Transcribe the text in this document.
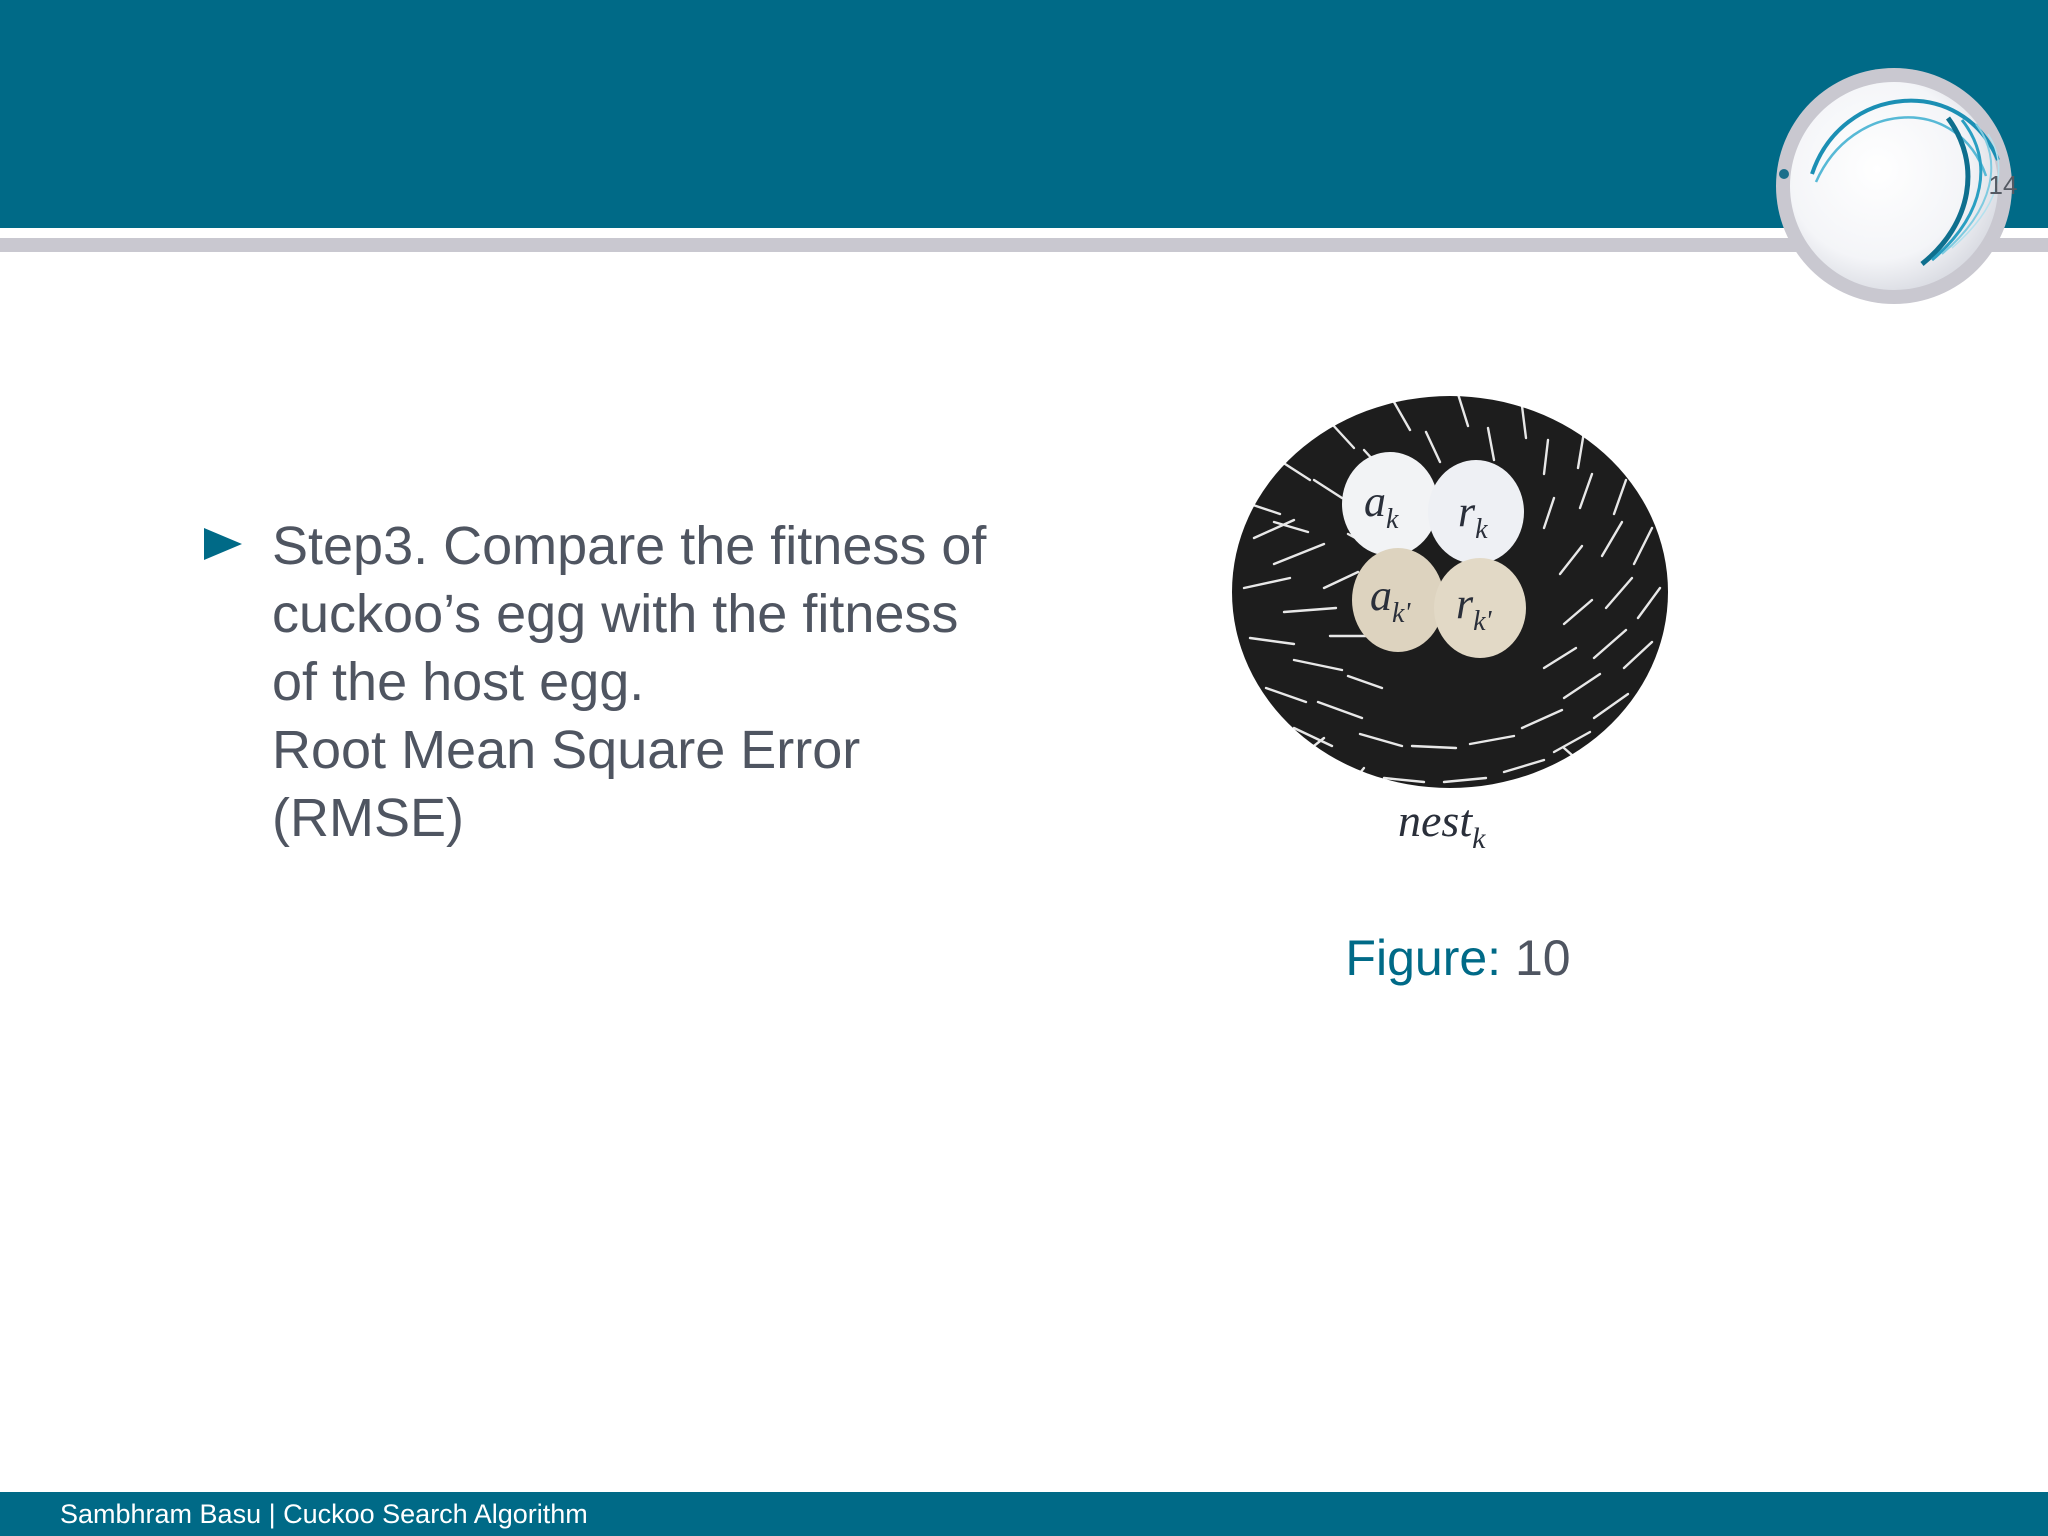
14
Step3. Compare the fitness of
cuckoo’s egg with the fitness
of the host egg.
Root Mean Square Error
(RMSE)
$a_k$ $r_k$
$a_{k'}$ $r_{k'}$
nest$_k$
Figure: 10
Sambhram Basu | Cuckoo Search Algorithm
